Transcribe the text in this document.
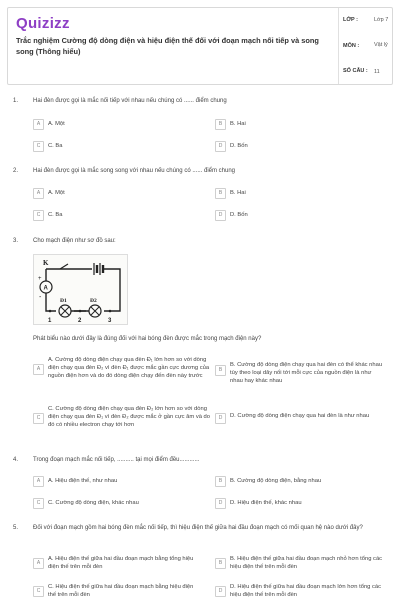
Quizizz
Trắc nghiệm Cường độ dòng điện và hiệu điện thế đối với đoạn mạch nối tiếp và song song (Thông hiểu)
LỚP :	Lớp 7
MÔN :	Vật lý
SỐ CÂU : 11
1. Hai đèn được gọi là mắc nối tiếp với nhau nếu chúng có ...... điểm chung
A	A. Một	B	B. Hai
C	C. Ba	D	D. Bốn
2. Hai đèn được gọi là mắc song song với nhau nếu chúng có ...... điểm chung
A	A. Một	B	B. Hai
C	C. Ba	D	D. Bốn
3. Cho mạch điện như sơ đồ sau:
K
A
+
-	Đ1	Đ2
1	2	3
Phát biểu nào dưới đây là đúng đối với hai bóng đèn được mắc trong mạch điện này?
A
A. Cường độ dòng điện chạy qua đèn Đ₁ lớn hơn so với dòng điện chạy qua đèn Đ₂ vì đèn Đ₁ được mắc gần cực dương của nguồn điện hơn và do đó dòng điện chạy đến đèn này trước
B
B. Cường độ dòng điện chạy qua hai đèn có thể khác nhau tùy theo loại dây nối tới mỗi cực của nguồn điện là như nhau hay khác nhau
C
C. Cường độ dòng điện chạy qua đèn Đ₂ lớn hơn so với dòng điện chạy qua đèn Đ₁ vì đèn Đ₂ được mắc ở gần cực âm và do đó có nhiều electron chạy tới hơn
D	D. Cường độ dòng điện chạy qua hai đèn là như nhau
4. Trong đoạn mạch mắc nối tiếp, .......... tại mọi điểm đều............
A	A. Hiệu điện thế, như nhau	B	B. Cường độ dòng điện, bằng nhau
C	C. Cường độ dòng điện, khác nhau	D	D. Hiệu điện thế, khác nhau
5. Đối với đoạn mạch gồm hai bóng đèn mắc nối tiếp, thì hiệu điện thế giữa hai đầu đoạn mạch có mối quan hệ nào dưới đây?
A
A. Hiệu điện thế giữa hai đầu đoạn mạch bằng tổng hiệu điện thế trên mỗi đèn
B
B. Hiệu điện thế giữa hai đầu đoạn mạch nhỏ hơn tổng các hiệu điện thế trên mỗi đèn
C
C. Hiệu điện thế giữa hai đầu đoạn mạch bằng hiệu điện thế trên mỗi đèn
D
D. Hiệu điện thế giữa hai đầu đoạn mạch lớn hơn tổng các hiệu điện thế trên mỗi đèn
